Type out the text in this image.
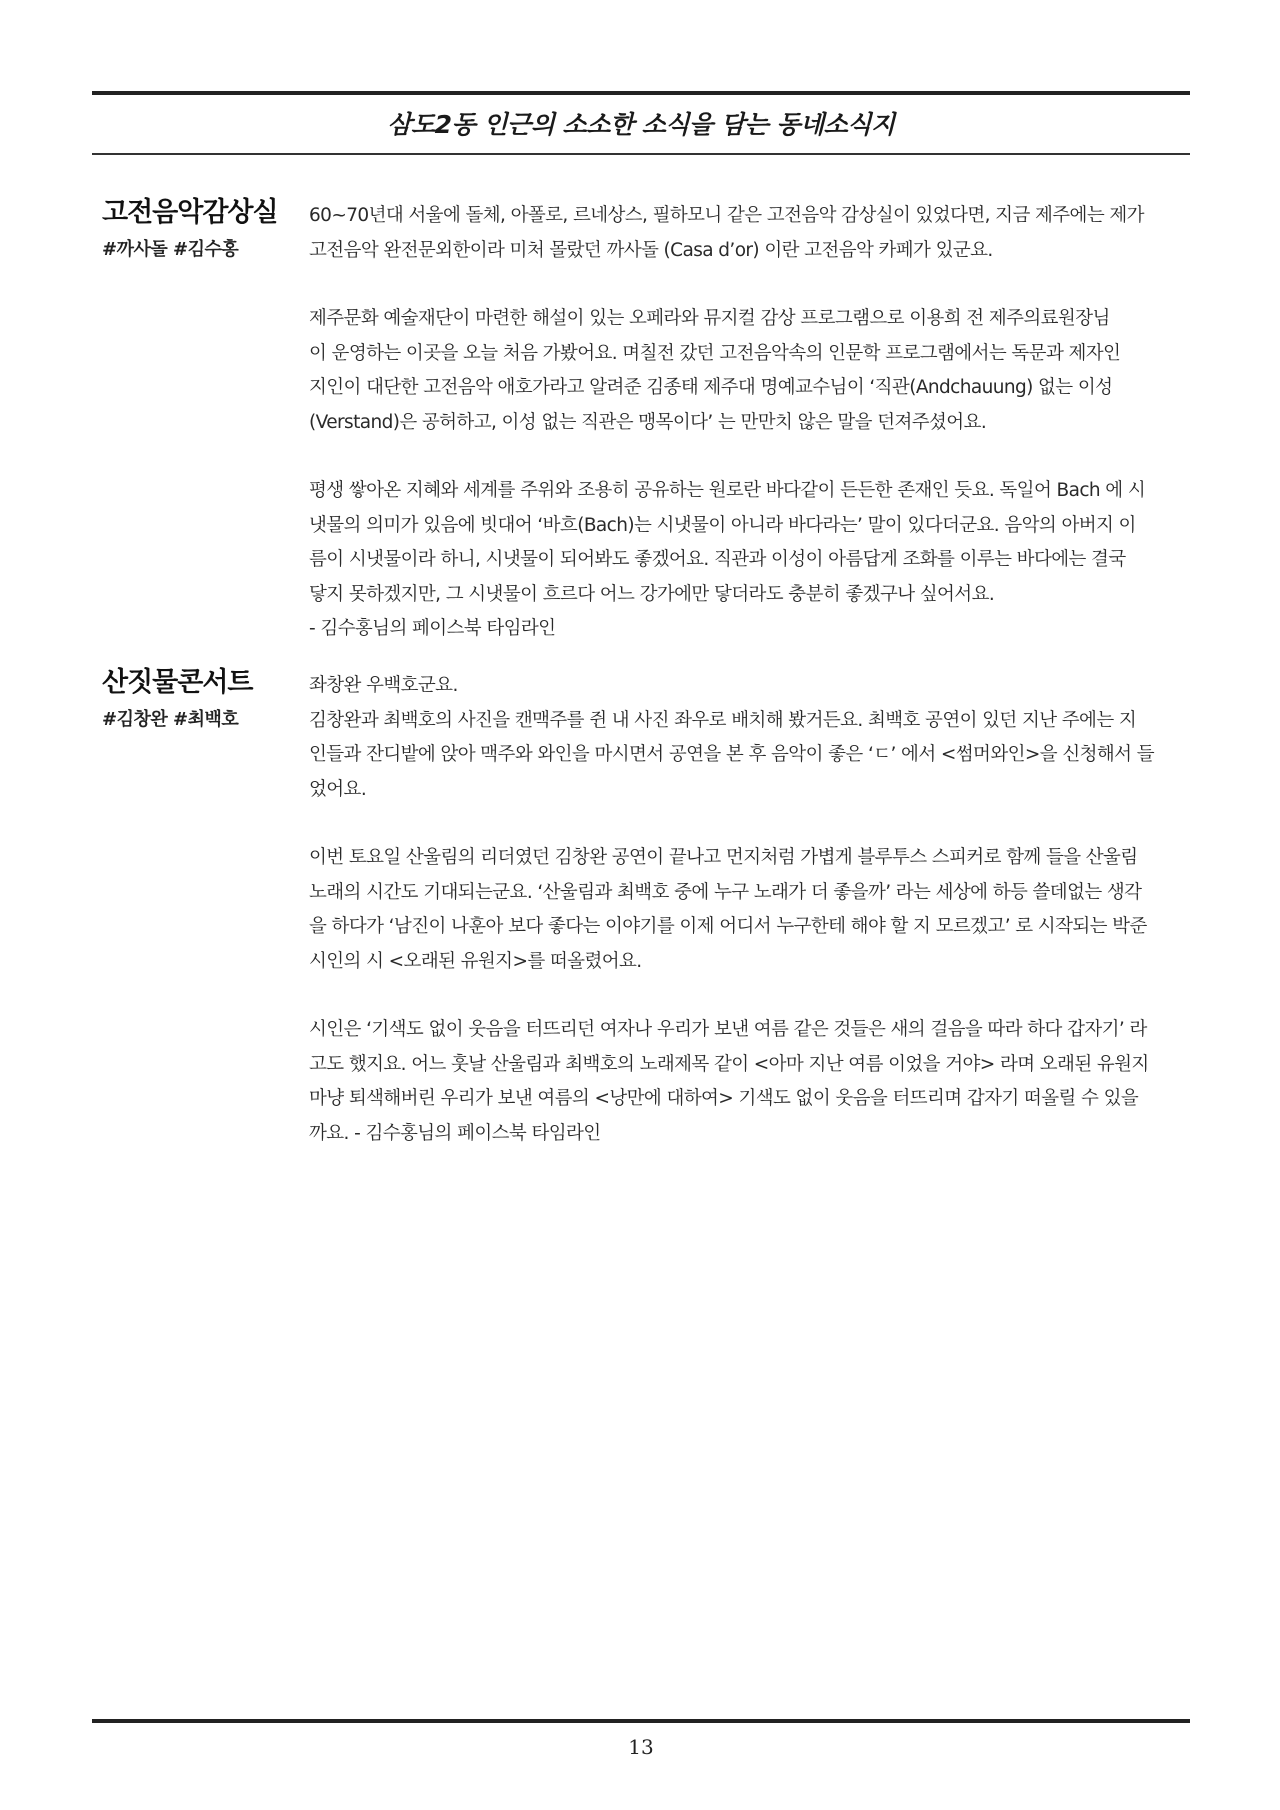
삼도2동 인근의 소소한 소식을 담는 동네소식지
고전음악감상실
#까사돌 #김수홍

60~70년대 서울에 돌체, 아폴로, 르네상스, 필하모니 같은 고전음악 감상실이 있었다면, 지금 제주에는 제가
고전음악 완전문외한이라 미처 몰랐던 까사돌 (Casa d’or) 이란 고전음악 카페가 있군요.

제주문화 예술재단이 마련한 해설이 있는 오페라와 뮤지컬 감상 프로그램으로 이용희 전 제주의료원장님
이 운영하는 이곳을 오늘 처음 가봤어요. 며칠전 갔던 고전음악속의 인문학 프로그램에서는 독문과 제자인
지인이 대단한 고전음악 애호가라고 알려준 김종태 제주대 명예교수님이 ‘직관(Andchauung) 없는 이성
(Verstand)은 공허하고, 이성 없는 직관은 맹목이다’ 는 만만치 않은 말을 던져주셨어요.

평생 쌓아온 지혜와 세계를 주위와 조용히 공유하는 원로란 바다같이 든든한 존재인 듯요. 독일어 Bach 에 시
냇물의 의미가 있음에 빗대어 ‘바흐(Bach)는 시냇물이 아니라 바다라는’ 말이 있다더군요. 음악의 아버지 이
름이 시냇물이라 하니, 시냇물이 되어봐도 좋겠어요. 직관과 이성이 아름답게 조화를 이루는 바다에는 결국
닿지 못하겠지만, 그 시냇물이 흐르다 어느 강가에만 닿더라도 충분히 좋겠구나 싶어서요.
- 김수홍님의 페이스북 타임라인

산짓물콘서트
#김창완 #최백호

좌창완 우백호군요.
김창완과 최백호의 사진을 캔맥주를 쥔 내 사진 좌우로 배치해 봤거든요. 최백호 공연이 있던 지난 주에는 지
인들과 잔디밭에 앉아 맥주와 와인을 마시면서 공연을 본 후 음악이 좋은 ‘ㄷ’ 에서 <썸머와인>을 신청해서 들
었어요.

이번 토요일 산울림의 리더였던 김창완 공연이 끝나고 먼지처럼 가볍게 블루투스 스피커로 함께 들을 산울림
노래의 시간도 기대되는군요. ‘산울림과 최백호 중에 누구 노래가 더 좋을까’ 라는 세상에 하등 쓸데없는 생각
을 하다가 ‘남진이 나훈아 보다 좋다는 이야기를 이제 어디서 누구한테 해야 할 지 모르겠고’ 로 시작되는 박준
시인의 시 <오래된 유원지>를 떠올렸어요.

시인은 ‘기색도 없이 웃음을 터뜨리던 여자나 우리가 보낸 여름 같은 것들은 새의 걸음을 따라 하다 갑자기’ 라
고도 했지요. 어느 훗날 산울림과 최백호의 노래제목 같이 <아마 지난 여름 이었을 거야> 라며 오래된 유원지
마냥 퇴색해버린 우리가 보낸 여름의 <낭만에 대하여> 기색도 없이 웃음을 터뜨리며 갑자기 떠올릴 수 있을
까요. - 김수홍님의 페이스북 타임라인

13
